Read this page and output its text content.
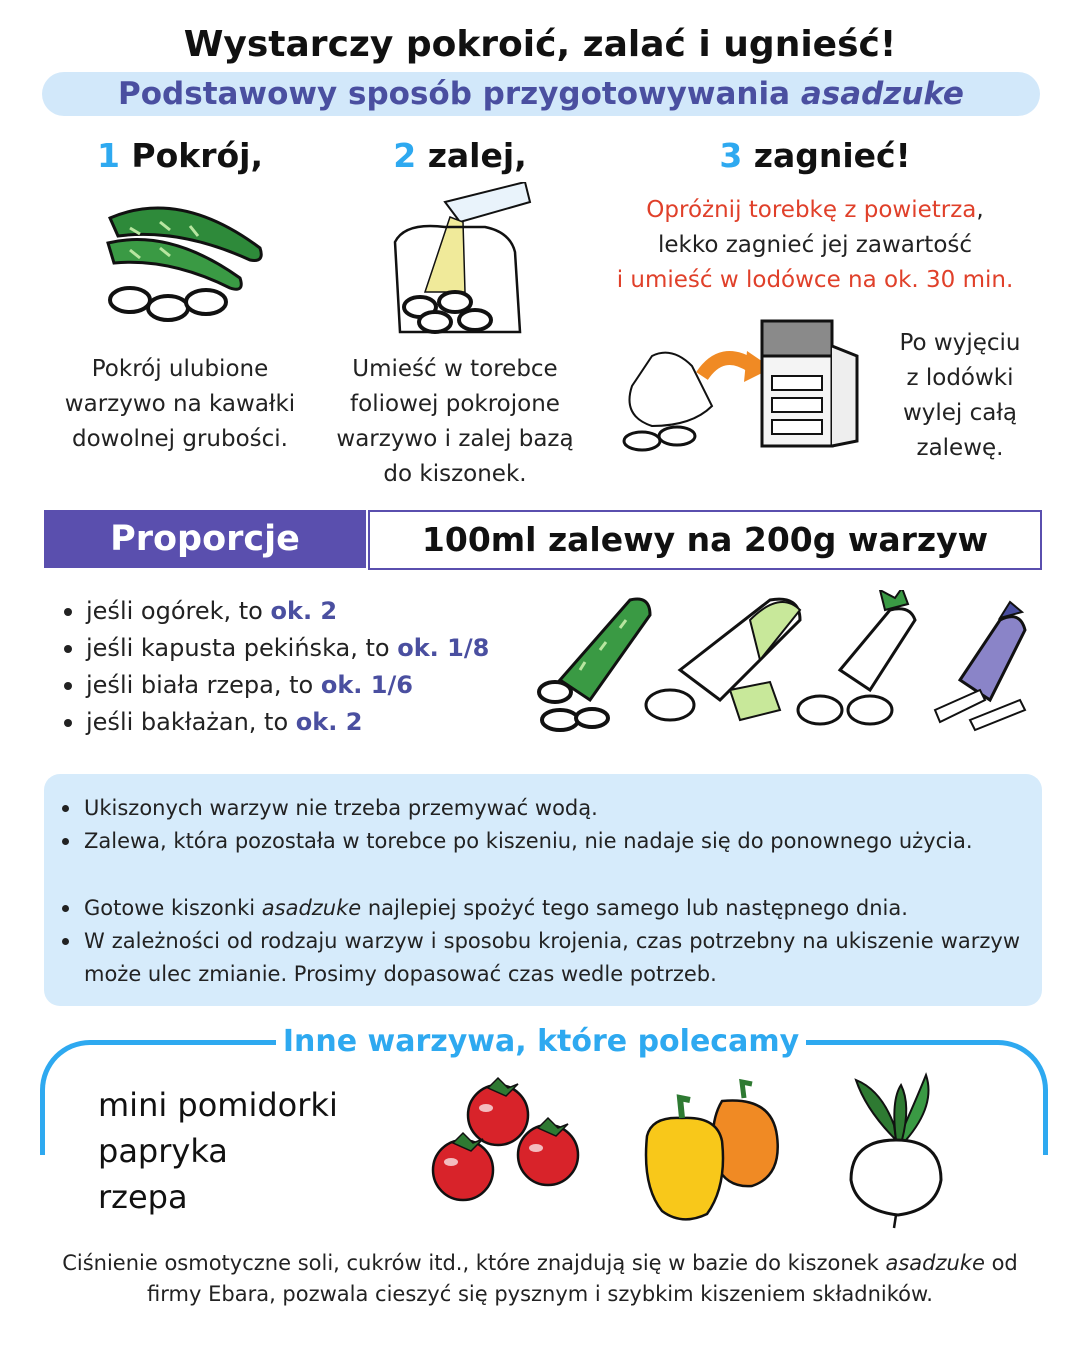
Wystarczy pokroić, zalać i ugnieść!
Podstawowy sposób przygotowywania asadzuke
1 Pokrój,
Pokrój ulubione
warzywo na kawałki
dowolnej grubości.
2 zalej,
Umieść w torebce
foliowej pokrojone
warzywo i zalej bazą
do kiszonek.
3 zagnieć!
Opróżnij torebkę z powietrza,
lekko zagnieć jej zawartość
i umieść w lodówce na ok. 30 min.
Po wyjęciu
z lodówki
wylej całą
zalewę.
Proporcje	100ml zalewy na 200g warzyw
jeśli ogórek, to ok. 2
jeśli kapusta pekińska, to ok. 1/8
jeśli biała rzepa, to ok. 1/6
jeśli bakłażan, to ok. 2
Ukiszonych warzyw nie trzeba przemywać wodą.
Zalewa, która pozostała w torebce po kiszeniu, nie nadaje się do ponownego użycia.
Gotowe kiszonki asadzuke najlepiej spożyć tego samego lub następnego dnia.
W zależności od rodzaju warzyw i sposobu krojenia, czas potrzebny na ukiszenie warzyw może ulec zmianie. Prosimy dopasować czas wedle potrzeb.
Inne warzywa, które polecamy
mini pomidorki
papryka
rzepa
Ciśnienie osmotyczne soli, cukrów itd., które znajdują się w bazie do kiszonek asadzuke od firmy Ebara, pozwala cieszyć się pysznym i szybkim kiszeniem składników.
